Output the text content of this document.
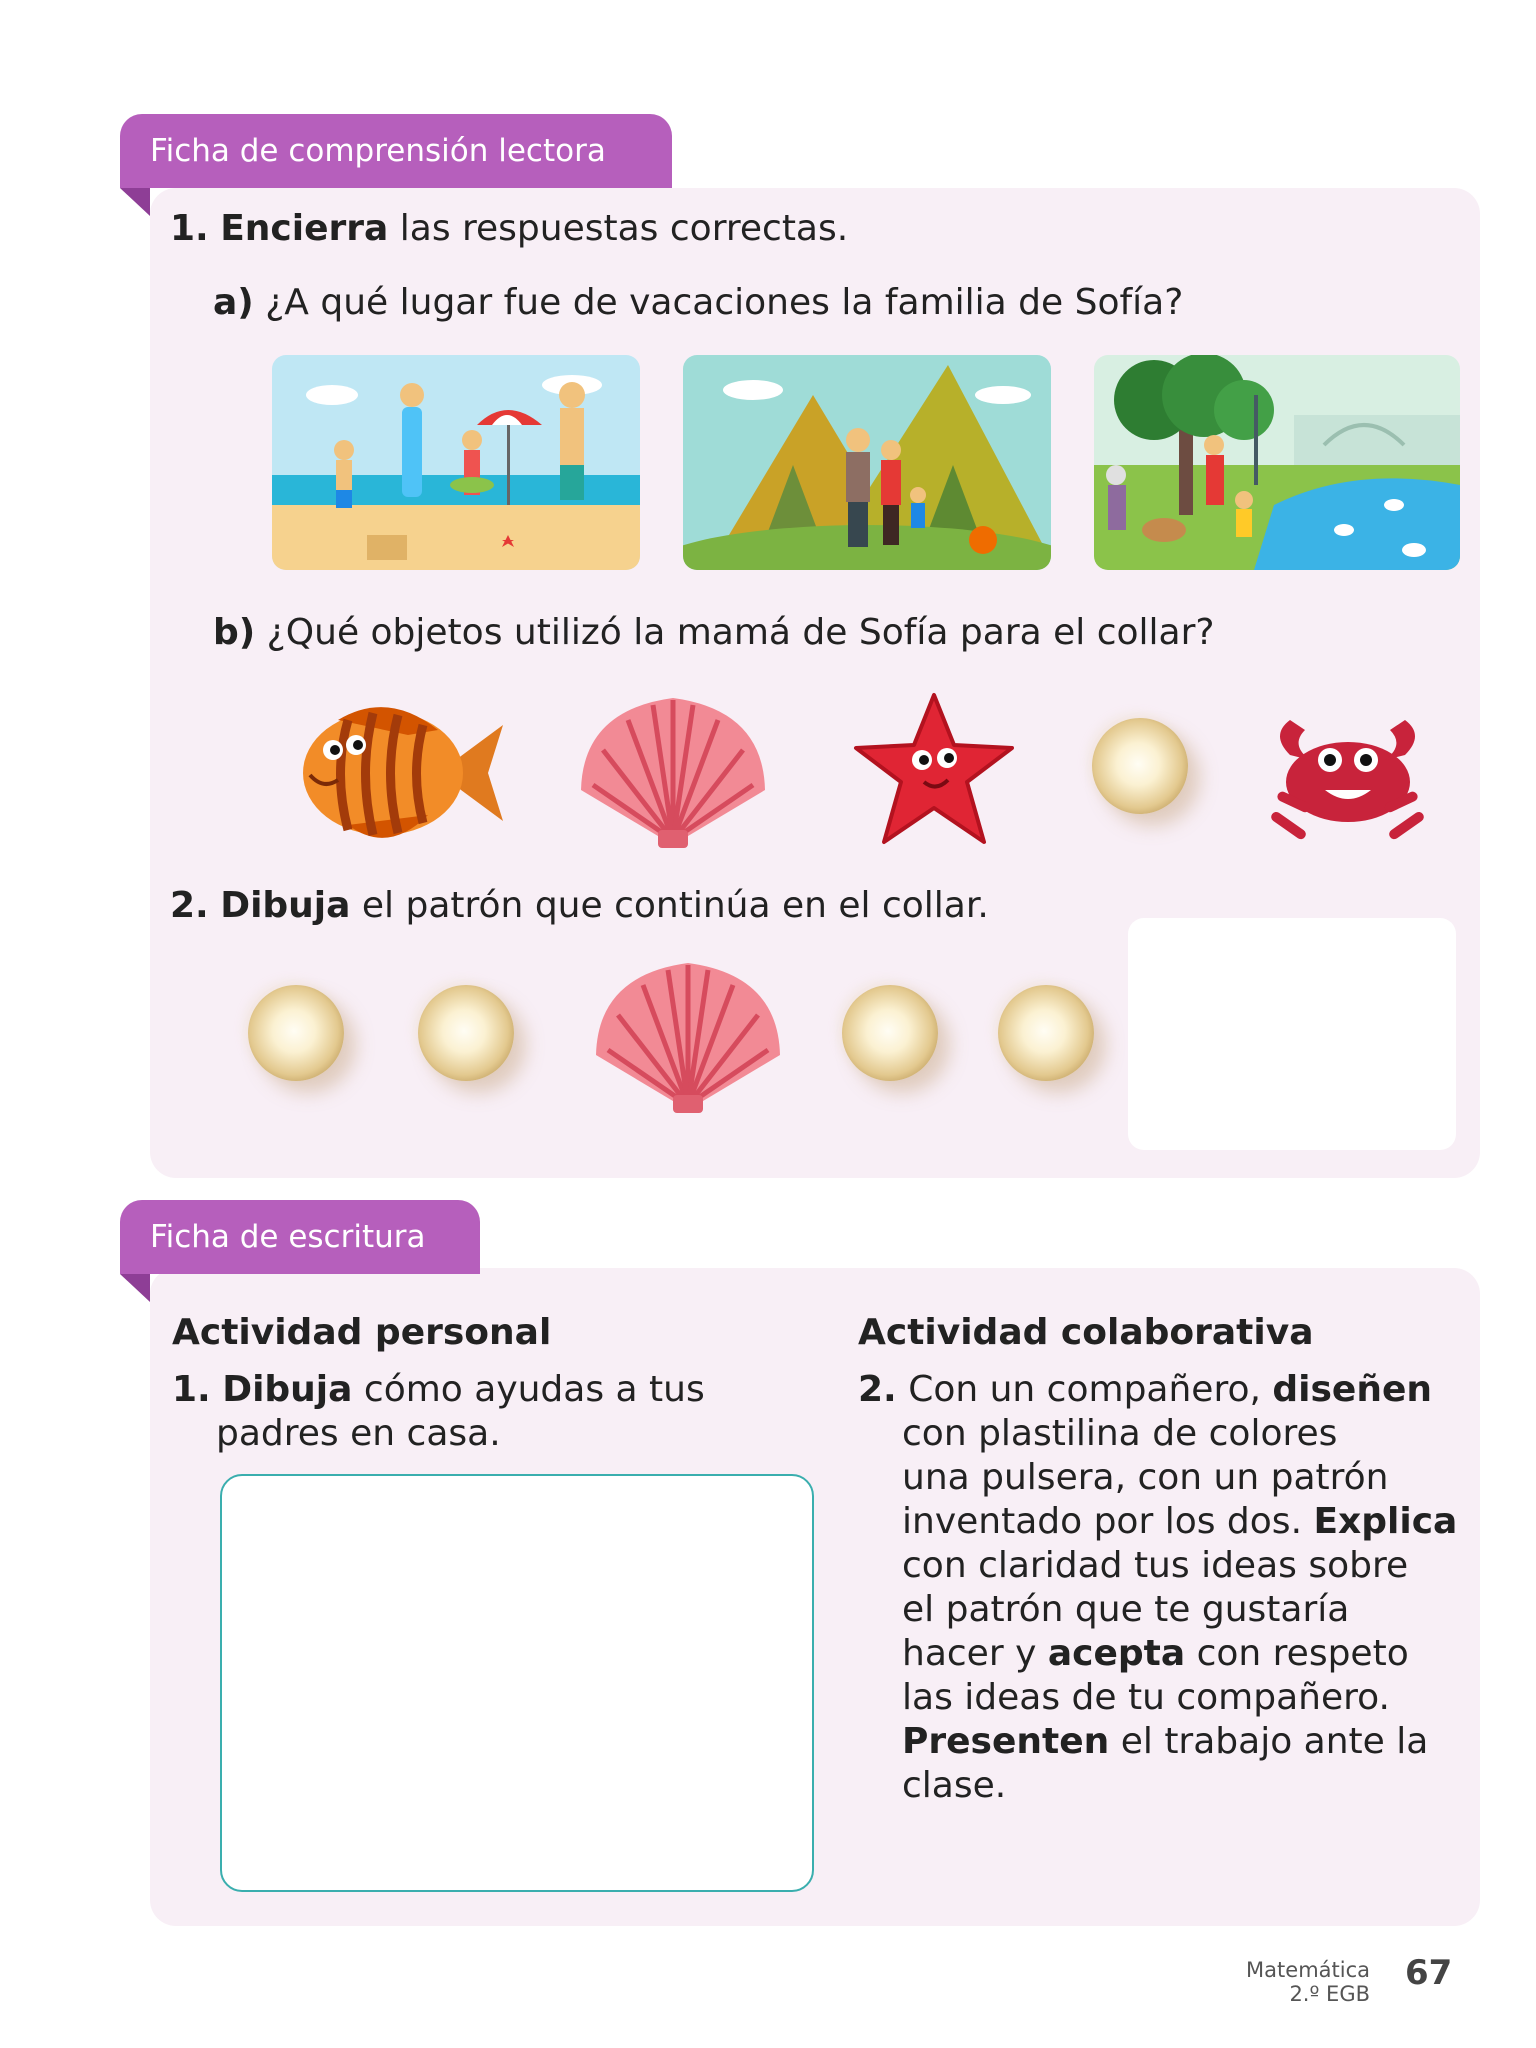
Ficha de comprensión lectora
1. Encierra las respuestas correctas.
a) ¿A qué lugar fue de vacaciones la familia de Sofía?
b) ¿Qué objetos utilizó la mamá de Sofía para el collar?
2. Dibuja el patrón que continúa en el collar.
Ficha de escritura
Actividad personal
1. Dibuja cómo ayudas a tus
padres en casa.
Actividad colaborativa
2. Con un compañero, diseñen
con plastilina de colores
una pulsera, con un patrón
inventado por los dos. Explica
con claridad tus ideas sobre
el patrón que te gustaría
hacer y acepta con respeto
las ideas de tu compañero.
Presenten el trabajo ante la
clase.
Matemática
2.º EGB
67
